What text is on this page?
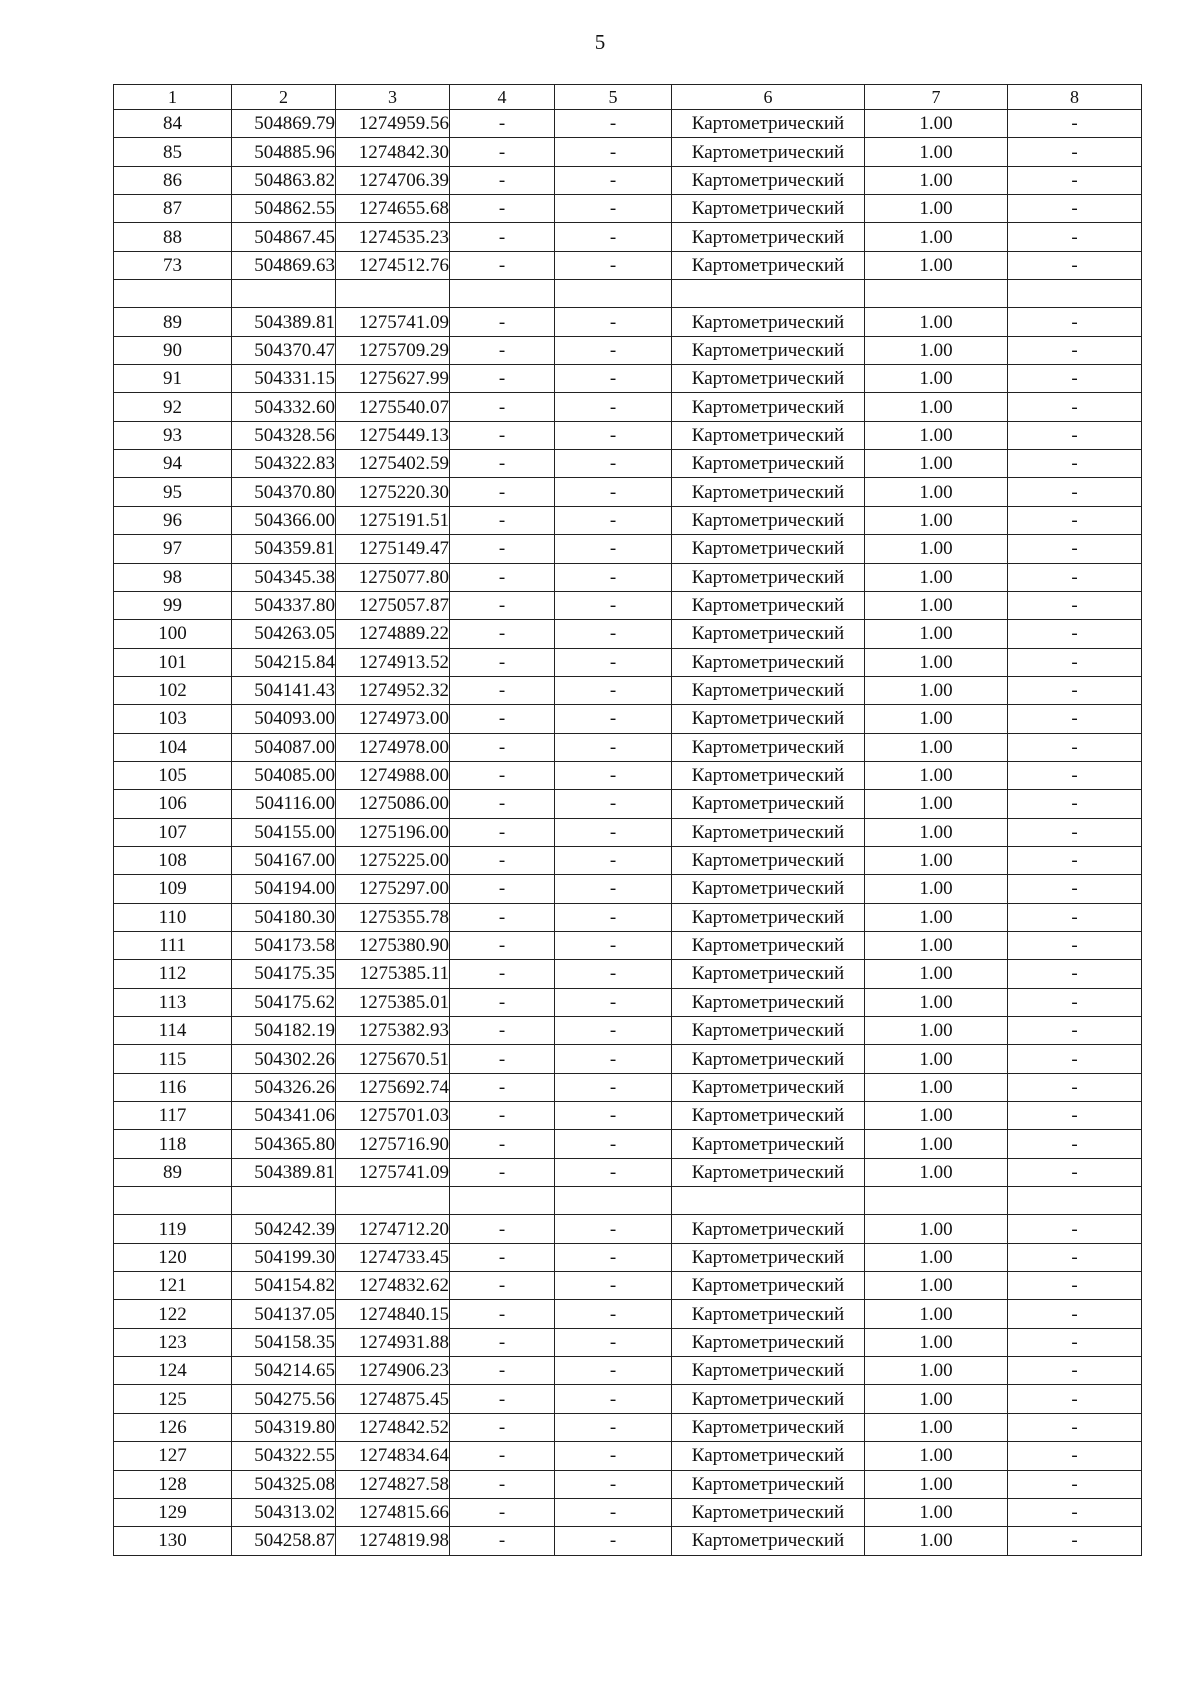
5
1	2	3	4	5	6	7	8
84	504869.79	1274959.56	-	-	Картометрический	1.00	-
85	504885.96	1274842.30	-	-	Картометрический	1.00	-
86	504863.82	1274706.39	-	-	Картометрический	1.00	-
87	504862.55	1274655.68	-	-	Картометрический	1.00	-
88	504867.45	1274535.23	-	-	Картометрический	1.00	-
73	504869.63	1274512.76	-	-	Картометрический	1.00	-

89	504389.81	1275741.09	-	-	Картометрический	1.00	-
90	504370.47	1275709.29	-	-	Картометрический	1.00	-
91	504331.15	1275627.99	-	-	Картометрический	1.00	-
92	504332.60	1275540.07	-	-	Картометрический	1.00	-
93	504328.56	1275449.13	-	-	Картометрический	1.00	-
94	504322.83	1275402.59	-	-	Картометрический	1.00	-
95	504370.80	1275220.30	-	-	Картометрический	1.00	-
96	504366.00	1275191.51	-	-	Картометрический	1.00	-
97	504359.81	1275149.47	-	-	Картометрический	1.00	-
98	504345.38	1275077.80	-	-	Картометрический	1.00	-
99	504337.80	1275057.87	-	-	Картометрический	1.00	-
100	504263.05	1274889.22	-	-	Картометрический	1.00	-
101	504215.84	1274913.52	-	-	Картометрический	1.00	-
102	504141.43	1274952.32	-	-	Картометрический	1.00	-
103	504093.00	1274973.00	-	-	Картометрический	1.00	-
104	504087.00	1274978.00	-	-	Картометрический	1.00	-
105	504085.00	1274988.00	-	-	Картометрический	1.00	-
106	504116.00	1275086.00	-	-	Картометрический	1.00	-
107	504155.00	1275196.00	-	-	Картометрический	1.00	-
108	504167.00	1275225.00	-	-	Картометрический	1.00	-
109	504194.00	1275297.00	-	-	Картометрический	1.00	-
110	504180.30	1275355.78	-	-	Картометрический	1.00	-
111	504173.58	1275380.90	-	-	Картометрический	1.00	-
112	504175.35	1275385.11	-	-	Картометрический	1.00	-
113	504175.62	1275385.01	-	-	Картометрический	1.00	-
114	504182.19	1275382.93	-	-	Картометрический	1.00	-
115	504302.26	1275670.51	-	-	Картометрический	1.00	-
116	504326.26	1275692.74	-	-	Картометрический	1.00	-
117	504341.06	1275701.03	-	-	Картометрический	1.00	-
118	504365.80	1275716.90	-	-	Картометрический	1.00	-
89	504389.81	1275741.09	-	-	Картометрический	1.00	-

119	504242.39	1274712.20	-	-	Картометрический	1.00	-
120	504199.30	1274733.45	-	-	Картометрический	1.00	-
121	504154.82	1274832.62	-	-	Картометрический	1.00	-
122	504137.05	1274840.15	-	-	Картометрический	1.00	-
123	504158.35	1274931.88	-	-	Картометрический	1.00	-
124	504214.65	1274906.23	-	-	Картометрический	1.00	-
125	504275.56	1274875.45	-	-	Картометрический	1.00	-
126	504319.80	1274842.52	-	-	Картометрический	1.00	-
127	504322.55	1274834.64	-	-	Картометрический	1.00	-
128	504325.08	1274827.58	-	-	Картометрический	1.00	-
129	504313.02	1274815.66	-	-	Картометрический	1.00	-
130	504258.87	1274819.98	-	-	Картометрический	1.00	-
